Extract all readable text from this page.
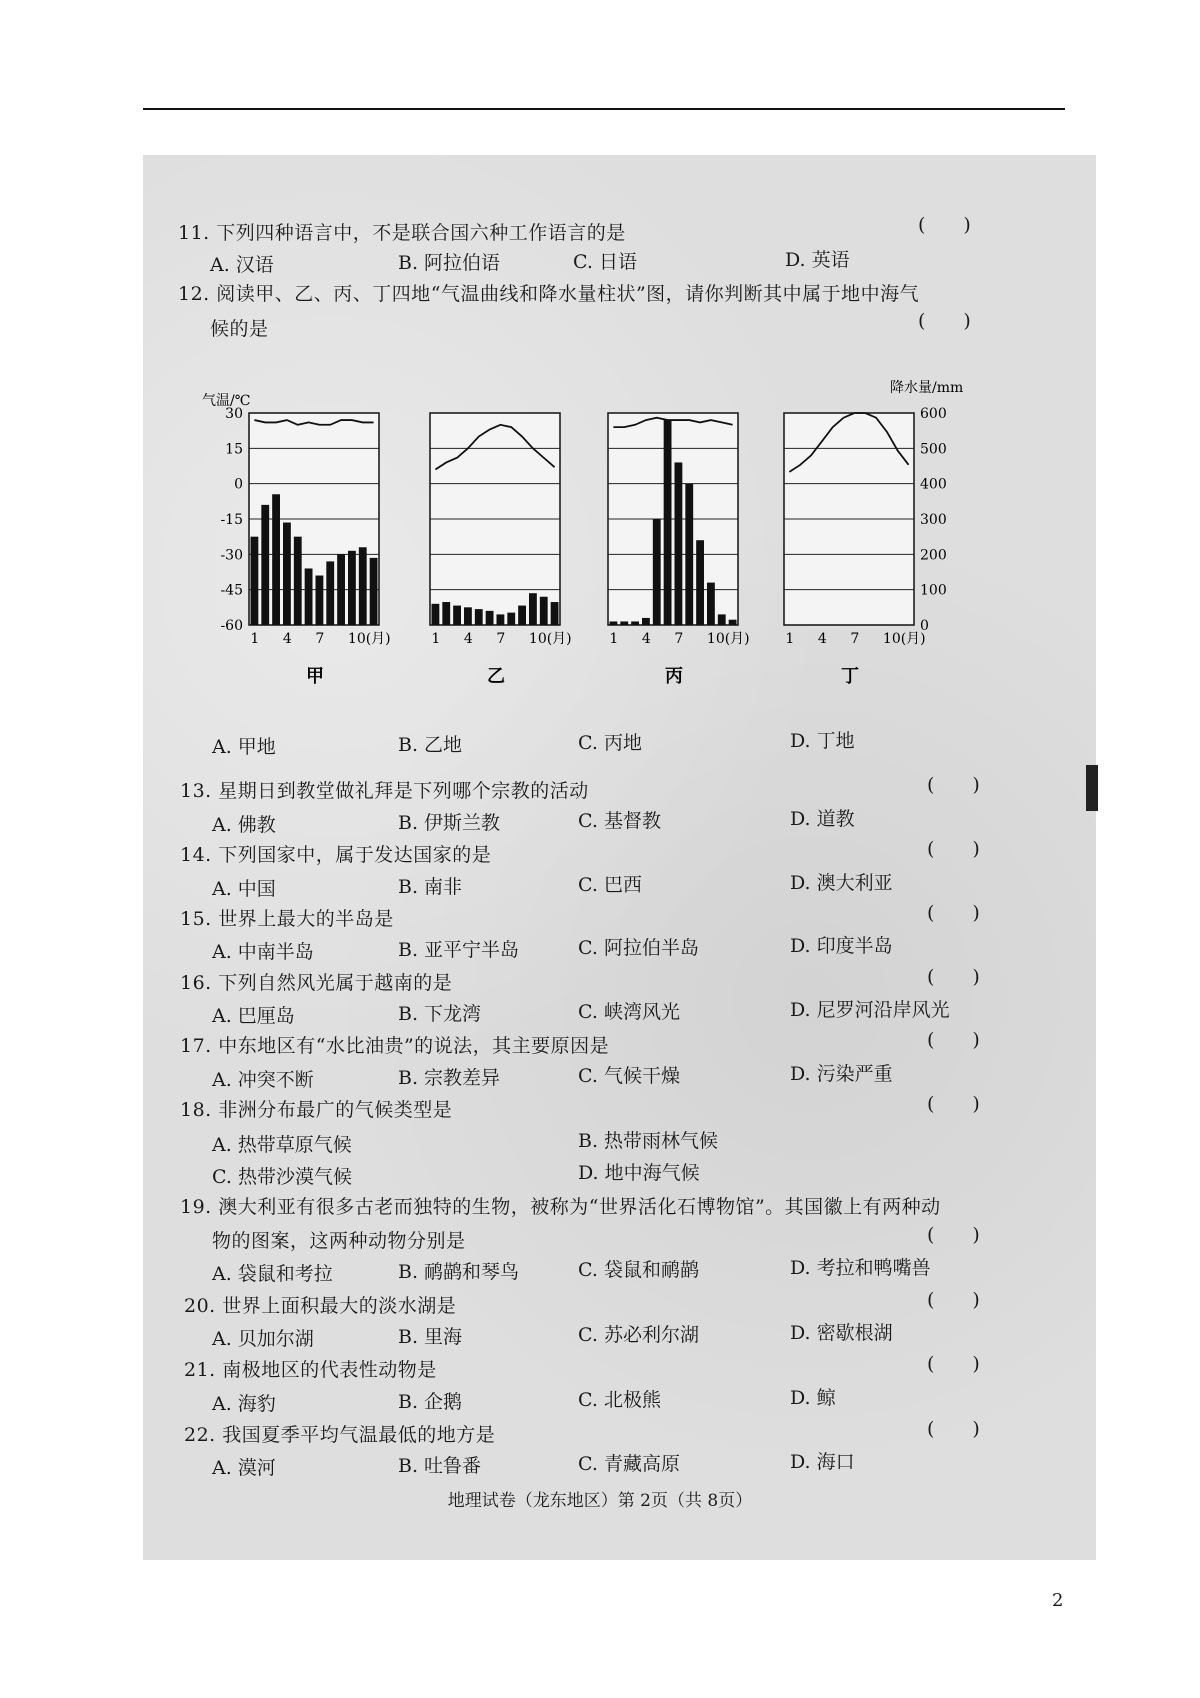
11. 下列四种语言中，不是联合国六种工作语言的是	(　　)
A. 汉语	B. 阿拉伯语	C. 日语	D. 英语
12. 阅读甲、乙、丙、丁四地“气温曲线和降水量柱状”图，请你判断其中属于地中海气
候的是	(　　)
气温/℃
降水量/mm
30
15
0
-15
-30
-45
-60
600
500
400
300
200
100
0
1 4 7 10(月)
甲
1 4 7 10(月)
乙
1 4 7 10(月)
丙
1 4 7 10(月)
丁
A. 甲地	B. 乙地	C. 丙地	D. 丁地
13. 星期日到教堂做礼拜是下列哪个宗教的活动	(　　)
A. 佛教	B. 伊斯兰教	C. 基督教	D. 道教
14. 下列国家中，属于发达国家的是	(　　)
A. 中国	B. 南非	C. 巴西	D. 澳大利亚
15. 世界上最大的半岛是	(　　)
A. 中南半岛	B. 亚平宁半岛	C. 阿拉伯半岛	D. 印度半岛
16. 下列自然风光属于越南的是	(　　)
A. 巴厘岛	B. 下龙湾	C. 峡湾风光	D. 尼罗河沿岸风光
17. 中东地区有“水比油贵”的说法，其主要原因是	(　　)
A. 冲突不断	B. 宗教差异	C. 气候干燥	D. 污染严重
18. 非洲分布最广的气候类型是	(　　)
A. 热带草原气候	B. 热带雨林气候
C. 热带沙漠气候	D. 地中海气候
19. 澳大利亚有很多古老而独特的生物，被称为“世界活化石博物馆”。其国徽上有两种动
物的图案，这两种动物分别是	(　　)
A. 袋鼠和考拉	B. 鸸鹋和琴鸟	C. 袋鼠和鸸鹋	D. 考拉和鸭嘴兽
20. 世界上面积最大的淡水湖是	(　　)
A. 贝加尔湖	B. 里海	C. 苏必利尔湖	D. 密歇根湖
21. 南极地区的代表性动物是	(　　)
A. 海豹	B. 企鹅	C. 北极熊	D. 鲸
22. 我国夏季平均气温最低的地方是	(　　)
A. 漠河	B. 吐鲁番	C. 青藏高原	D. 海口
地理试卷（龙东地区）第 2页（共 8页）
2
